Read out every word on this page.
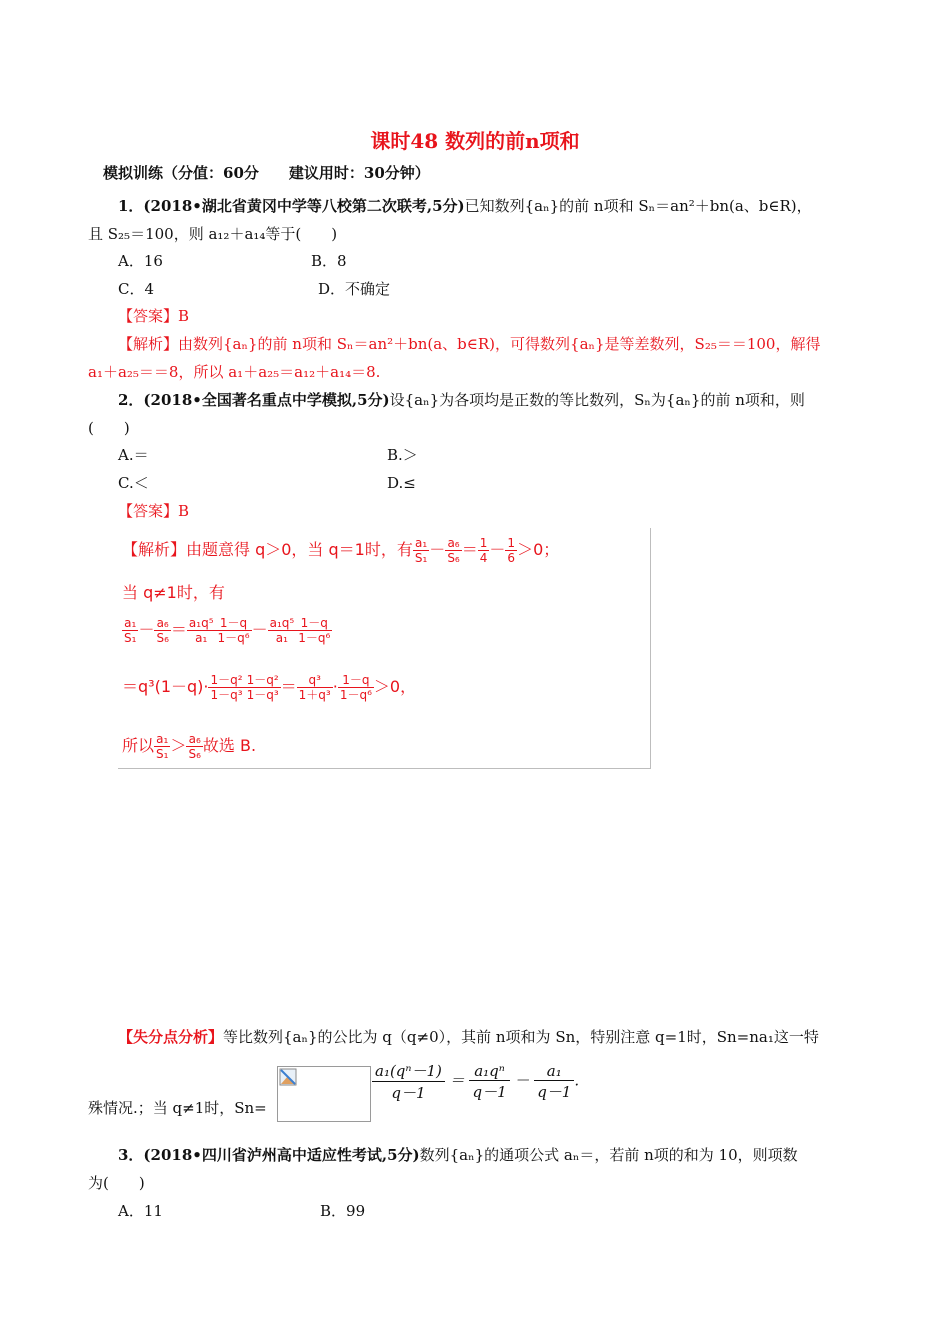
课时48 数列的前n项和
模拟训练（分值：60分　　建议用时：30分钟）
1．(2018•湖北省黄冈中学等八校第二次联考,5分)已知数列{aₙ}的前 n项和 Sₙ＝an²＋bn(a、b∈R)，
且 S₂₅＝100，则 a₁₂＋a₁₄等于(　　)
A．16	B．8
C．4	D．不确定
【答案】B
【解析】由数列{aₙ}的前 n项和 Sₙ＝an²＋bn(a、b∈R)，可得数列{aₙ}是等差数列，S₂₅＝＝100，解得
a₁＋a₂₅＝＝8，所以 a₁＋a₂₅＝a₁₂＋a₁₄＝8.
2．(2018•全国著名重点中学模拟,5分)设{aₙ}为各项均是正数的等比数列，Sₙ为{aₙ}的前 n项和，则
(　　)
A.＝	B.＞
C.＜	D.≤
【答案】B
【解析】由题意得 q＞0，当 q＝1时，有 $\frac{\text{a₁}}{\text{S₁}} - \frac{\text{a₆}}{\text{S₆}} = \frac{1}{4} - \frac{1}{6} >0$；
当 q≠1时，有
$\frac{\text{a₁}}{\text{S₁}} - \frac{\text{a₆}}{\text{S₆}} = \frac{\text{a₁q⁵}}{\text{a₁}} \frac{1-q}{\text{1－q⁶}} - \frac{\text{a₁q⁵}}{\text{a₁}} \frac{1-q}{\text{1－q⁶}}$
$=q^3(1-q)\cdot \frac{\text{1－q²}}{\text{1－q³}} \frac{\text{1－q²}}{\text{1－q³}} = \frac{\text{q³}}{\text{1＋q³}} \cdot \frac{1-q}{\text{1－q⁶}} >0$，
所以 $\frac{\text{a₁}}{\text{S₁}} > \frac{\text{a₆}}{\text{S₆}}$ 故选 B.
【失分点分析】等比数列{aₙ}的公比为 q（q≠0），其前 n项和为 Sn，特别注意 q=1时，Sn=na₁这一特
殊情况.；当 q≠1时，Sn=
$\frac{\text{a₁(qⁿ－1)}}{q-1} = \frac{\text{a₁qⁿ}}{q-1} - \frac{\text{a₁}}{q-1}$ .
3．(2018•四川省泸州高中适应性考试,5分)数列{aₙ}的通项公式 aₙ＝，若前 n项的和为 10，则项数
为(　　)
A．11	B．99
